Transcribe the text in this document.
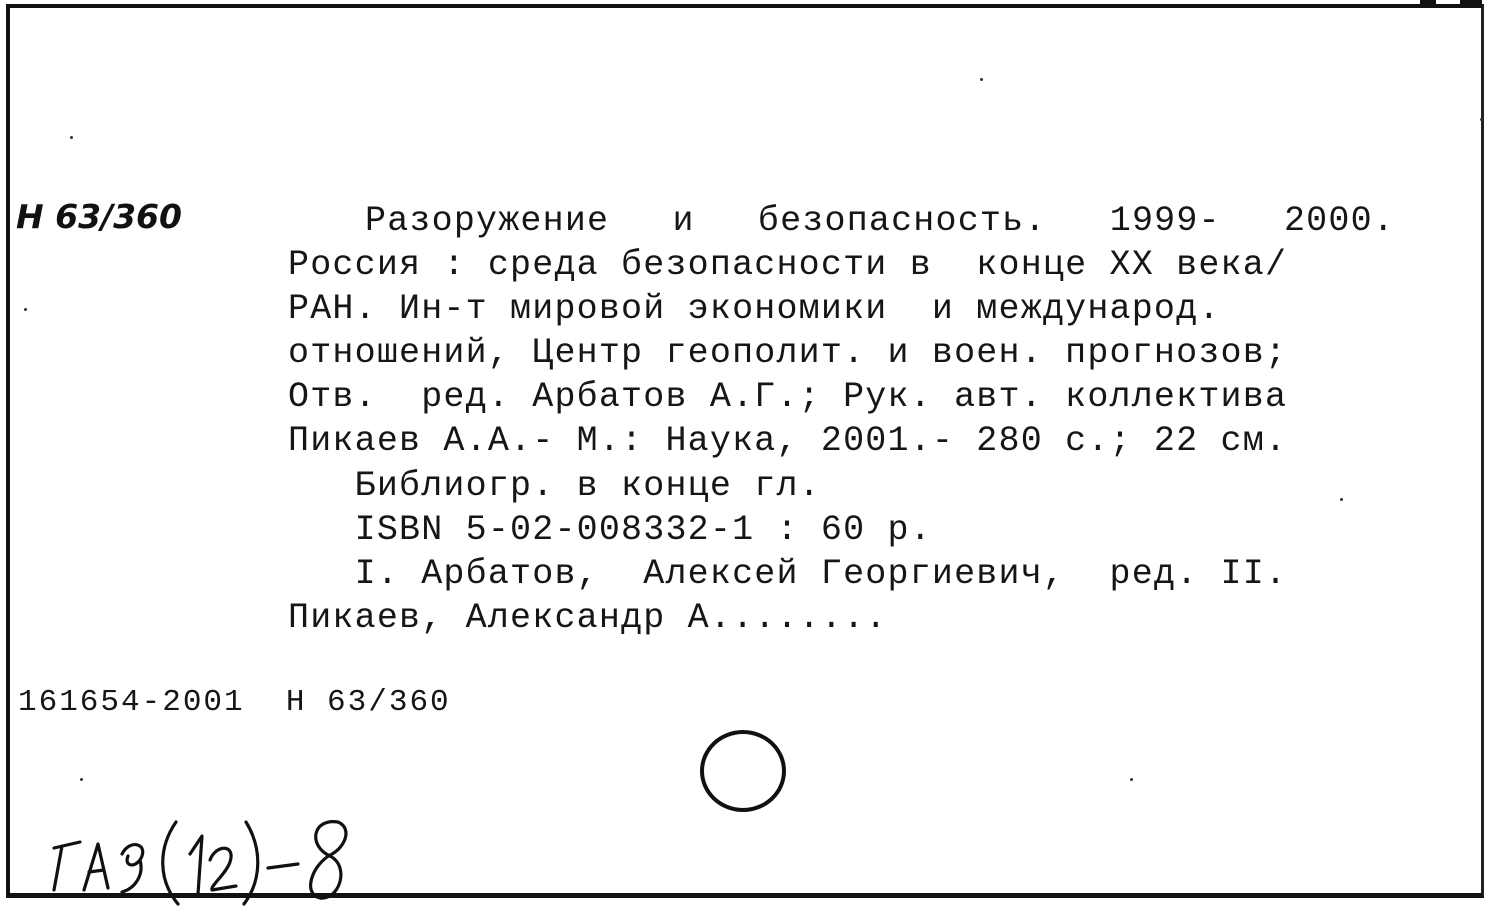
Н 63/360	Разоружение и безопасность. 1999- 2000.
Россия : среда безопасности в  конце XX века/
РАН. Ин-т мировой экономики  и международ.
отношений, Центр геополит. и воен. прогнозов;
Отв.  ред. Арбатов А.Г.; Рук. авт. коллектива
Пикаев А.А.- М.: Наука, 2001.- 280 с.; 22 см.
Библиогр. в конце гл.
ISBN 5-02-008332-1 : 60 р.
I. Арбатов,  Алексей Георгиевич,  ред. II.
Пикаев, Александр А........
161654-2001  Н 63/360
